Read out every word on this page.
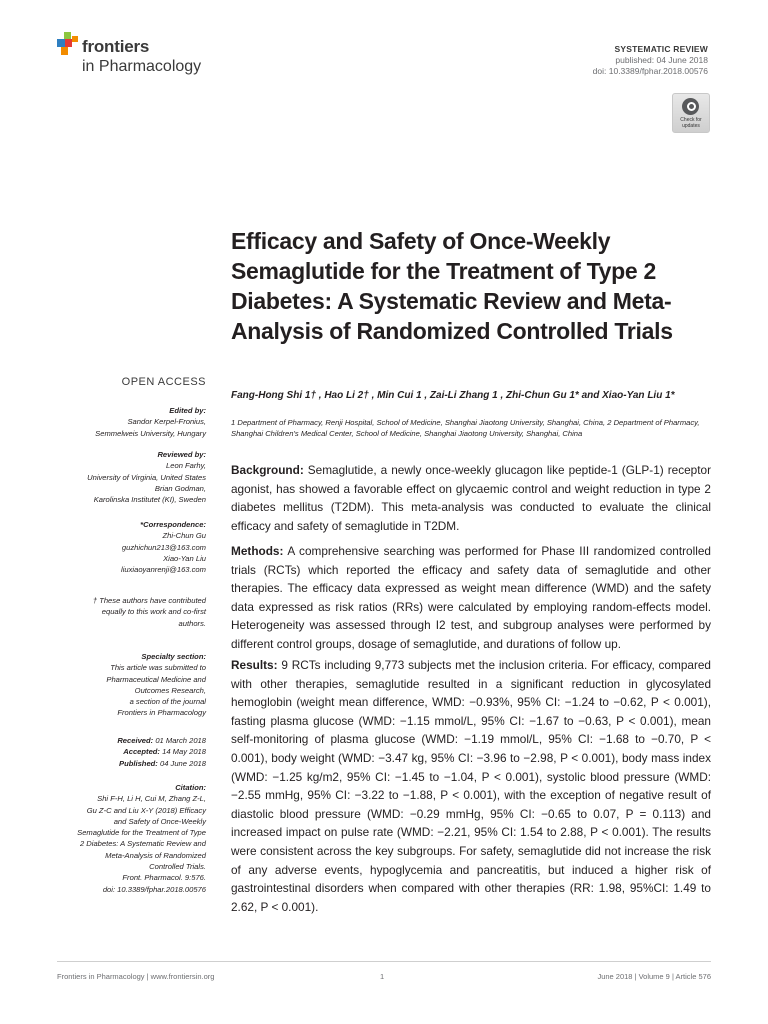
frontiers
in Pharmacology
SYSTEMATIC REVIEW
published: 04 June 2018
doi: 10.3389/fphar.2018.00576
Check for updates
Efficacy and Safety of Once-Weekly Semaglutide for the Treatment of Type 2 Diabetes: A Systematic Review and Meta-Analysis of Randomized Controlled Trials
Fang-Hong Shi 1† , Hao Li 2† , Min Cui 1 , Zai-Li Zhang 1 , Zhi-Chun Gu 1* and Xiao-Yan Liu 1*
1 Department of Pharmacy, Renji Hospital, School of Medicine, Shanghai Jiaotong University, Shanghai, China, 2 Department of Pharmacy, Shanghai Children's Medical Center, School of Medicine, Shanghai Jiaotong University, Shanghai, China
OPEN ACCESS
Edited by:
Sandor Kerpel-Fronius,
Semmelweis University, Hungary
Reviewed by:
Leon Farhy,
University of Virginia, United States
Brian Godman,
Karolinska Institutet (KI), Sweden
*Correspondence:
Zhi-Chun Gu
guzhichun213@163.com
Xiao-Yan Liu
liuxiaoyanrenji@163.com
† These authors have contributed
equally to this work and co-first
authors.
Specialty section:
This article was submitted to
Pharmaceutical Medicine and
Outcomes Research,
a section of the journal
Frontiers in Pharmacology
Received: 01 March 2018
Accepted: 14 May 2018
Published: 04 June 2018
Citation:
Shi F-H, Li H, Cui M, Zhang Z-L,
Gu Z-C and Liu X-Y (2018) Efficacy
and Safety of Once-Weekly
Semaglutide for the Treatment of Type
2 Diabetes: A Systematic Review and
Meta-Analysis of Randomized
Controlled Trials.
Front. Pharmacol. 9:576.
doi: 10.3389/fphar.2018.00576
Background: Semaglutide, a newly once-weekly glucagon like peptide-1 (GLP-1) receptor agonist, has showed a favorable effect on glycaemic control and weight reduction in type 2 diabetes mellitus (T2DM). This meta-analysis was conducted to evaluate the clinical efficacy and safety of semaglutide in T2DM.
Methods: A comprehensive searching was performed for Phase III randomized controlled trials (RCTs) which reported the efficacy and safety data of semaglutide and other therapies. The efficacy data expressed as weight mean difference (WMD) and the safety data expressed as risk ratios (RRs) were calculated by employing random-effects model. Heterogeneity was assessed through I2 test, and subgroup analyses were performed by different control groups, dosage of semaglutide, and durations of follow up.
Results: 9 RCTs including 9,773 subjects met the inclusion criteria. For efficacy, compared with other therapies, semaglutide resulted in a significant reduction in glycosylated hemoglobin (weight mean difference, WMD: −0.93%, 95% CI: −1.24 to −0.62, P < 0.001), fasting plasma glucose (WMD: −1.15 mmol/L, 95% CI: −1.67 to −0.63, P < 0.001), mean self-monitoring of plasma glucose (WMD: −1.19 mmol/L, 95% CI: −1.68 to −0.70, P < 0.001), body weight (WMD: −3.47 kg, 95% CI: −3.96 to −2.98, P < 0.001), body mass index (WMD: −1.25 kg/m2, 95% CI: −1.45 to −1.04, P < 0.001), systolic blood pressure (WMD: −2.55 mmHg, 95% CI: −3.22 to −1.88, P < 0.001), with the exception of negative result of diastolic blood pressure (WMD: −0.29 mmHg, 95% CI: −0.65 to 0.07, P = 0.113) and increased impact on pulse rate (WMD: −2.21, 95% CI: 1.54 to 2.88, P < 0.001). The results were consistent across the key subgroups. For safety, semaglutide did not increase the risk of any adverse events, hypoglycemia and pancreatitis, but induced a higher risk of gastrointestinal disorders when compared with other therapies (RR: 1.98, 95%CI: 1.49 to 2.62, P < 0.001).
Frontiers in Pharmacology | www.frontiersin.org	1	June 2018 | Volume 9 | Article 576
